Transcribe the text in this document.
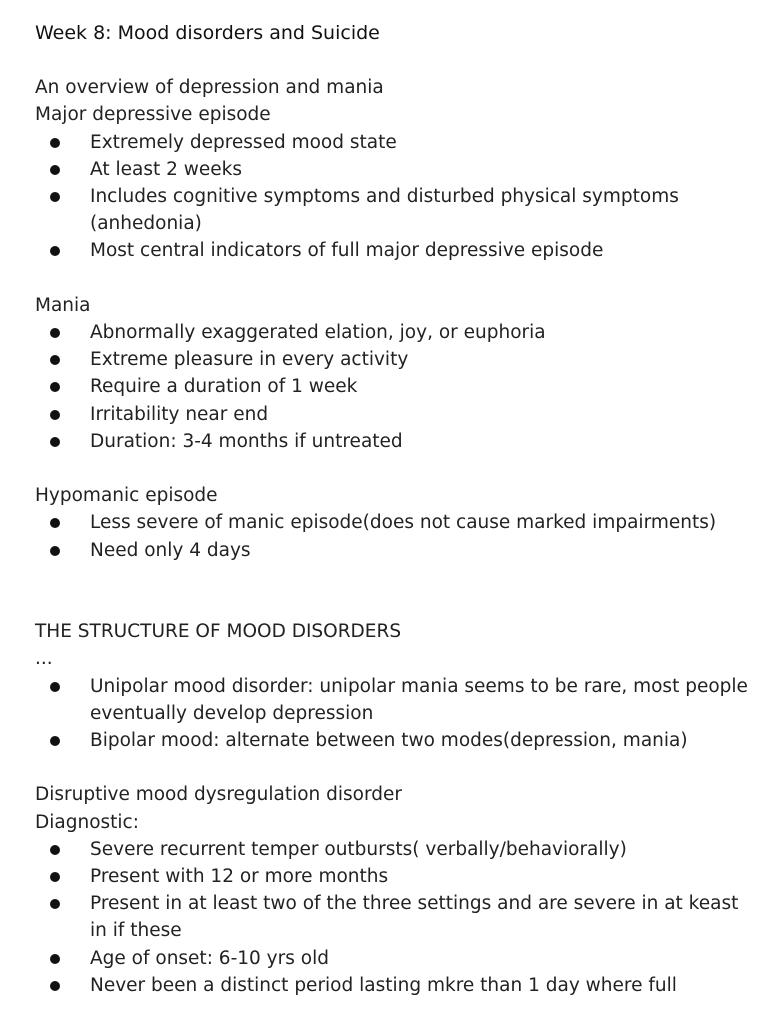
Week 8: Mood disorders and Suicide
An overview of depression and mania
Major depressive episode
Extremely depressed mood state
At least 2 weeks
Includes cognitive symptoms and disturbed physical symptoms (anhedonia)
Most central indicators of full major depressive episode
Mania
Abnormally exaggerated elation, joy, or euphoria
Extreme pleasure in every activity
Require a duration of 1 week
Irritability near end
Duration: 3-4 months if untreated
Hypomanic episode
Less severe of manic episode(does not cause marked impairments)
Need only 4 days
THE STRUCTURE OF MOOD DISORDERS
...
Unipolar mood disorder: unipolar mania seems to be rare, most people eventually develop depression
Bipolar mood: alternate between two modes(depression, mania)
Disruptive mood dysregulation disorder
Diagnostic:
Severe recurrent temper outbursts( verbally/behaviorally)
Present with 12 or more months
Present in at least two of the three settings and are severe in at keast in if these
Age of onset: 6-10 yrs old
Never been a distinct period lasting mkre than 1 day where full
